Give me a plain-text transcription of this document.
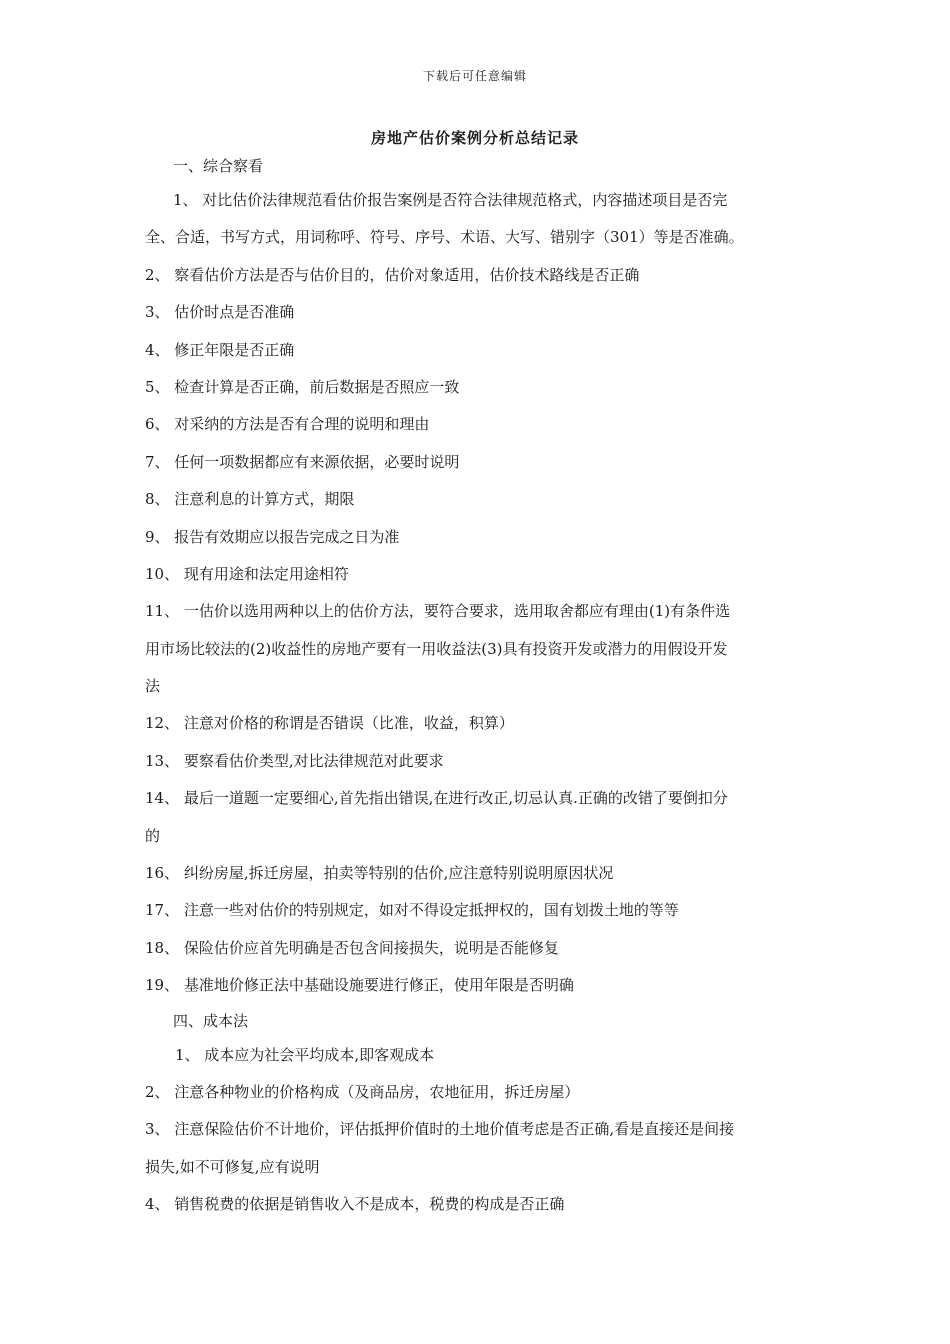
下载后可任意编辑
房地产估价案例分析总结记录
一、综合察看
1、 对比估价法律规范看估价报告案例是否符合法律规范格式，内容描述项目是否完
全、合适，书写方式，用词称呼、符号、序号、术语、大写、错别字（301）等是否准确。
2、 察看估价方法是否与估价目的，估价对象适用，估价技术路线是否正确
3、 估价时点是否准确
4、 修正年限是否正确
5、 检查计算是否正确，前后数据是否照应一致
6、 对采纳的方法是否有合理的说明和理由
7、 任何一项数据都应有来源依据，必要时说明
8、 注意利息的计算方式，期限
9、 报告有效期应以报告完成之日为准
10、 现有用途和法定用途相符
11、 一估价以选用两种以上的估价方法，要符合要求，选用取舍都应有理由(1)有条件选
用市场比较法的(2)收益性的房地产要有一用收益法(3)具有投资开发或潜力的用假设开发
法
12、 注意对价格的称谓是否错误（比准，收益，积算）
13、 要察看估价类型,对比法律规范对此要求
14、 最后一道题一定要细心,首先指出错误,在进行改正,切忌认真.正确的改错了要倒扣分
的
16、 纠纷房屋,拆迁房屋，拍卖等特别的估价,应注意特别说明原因状况
17、 注意一些对估价的特别规定，如对不得设定抵押权的，国有划拨土地的等等
18、 保险估价应首先明确是否包含间接损失，说明是否能修复
19、 基准地价修正法中基础设施要进行修正，使用年限是否明确
四、成本法
1、 成本应为社会平均成本,即客观成本
2、 注意各种物业的价格构成（及商品房，农地征用，拆迁房屋）
3、 注意保险估价不计地价，评估抵押价值时的土地价值考虑是否正确,看是直接还是间接
损失,如不可修复,应有说明
4、 销售税费的依据是销售收入不是成本，税费的构成是否正确
